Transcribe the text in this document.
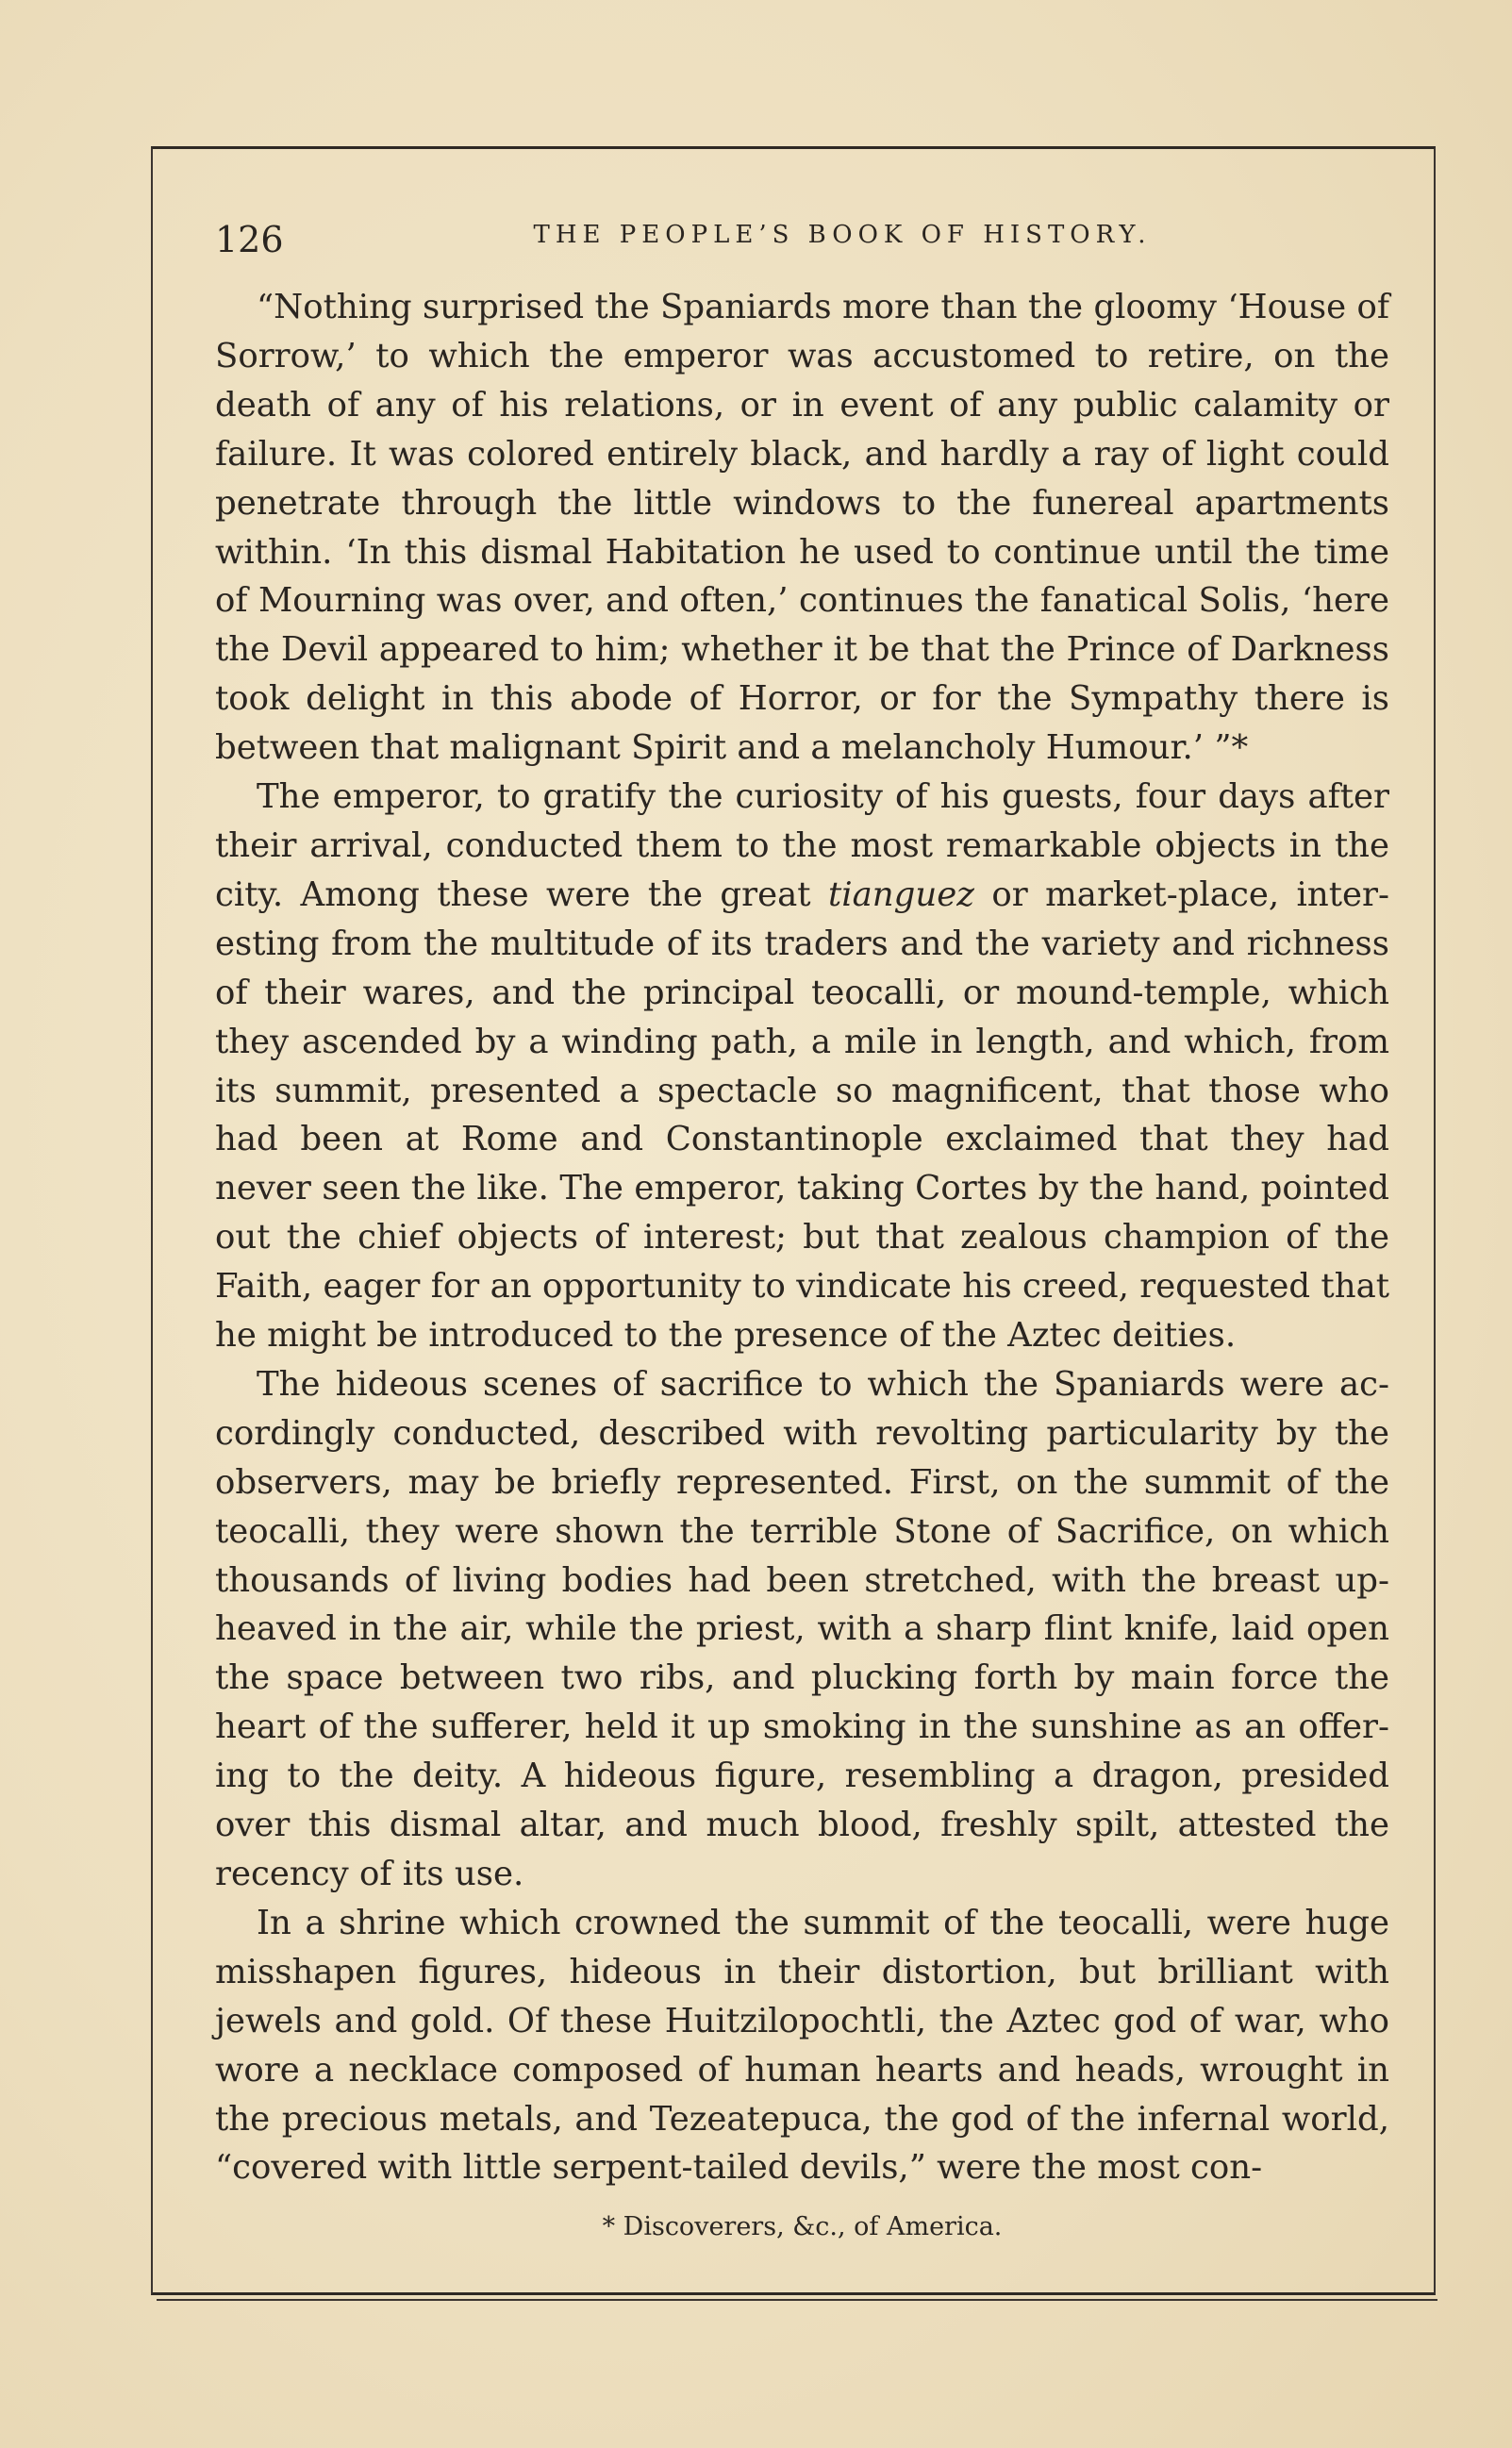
126	THE PEOPLE’S BOOK OF HISTORY.

“Nothing surprised the Spaniards more than the gloomy ‘House of Sorrow,’ to which the emperor was accustomed to retire, on the death of any of his relations, or in event of any public calamity or failure. It was colored entirely black, and hardly a ray of light could penetrate through the little windows to the funereal apartments within. ‘In this dismal Habitation he used to continue until the time of Mourning was over, and often,’ continues the fanatical Solis, ‘here the Devil appeared to him; whether it be that the Prince of Darkness took delight in this abode of Horror, or for the Sympathy there is between that malignant Spirit and a melancholy Humour.’ ”*

The emperor, to gratify the curiosity of his guests, four days after their arrival, conducted them to the most remarkable objects in the city. Among these were the great tianguez or market-place, inter-esting from the multitude of its traders and the variety and richness of their wares, and the principal teocalli, or mound-temple, which they ascended by a winding path, a mile in length, and which, from its summit, presented a spectacle so magnificent, that those who had been at Rome and Constantinople exclaimed that they had never seen the like. The emperor, taking Cortes by the hand, pointed out the chief objects of interest; but that zealous champion of the Faith, eager for an opportunity to vindicate his creed, requested that he might be introduced to the presence of the Aztec deities.

The hideous scenes of sacrifice to which the Spaniards were ac-cordingly conducted, described with revolting particularity by the observers, may be briefly represented. First, on the summit of the teocalli, they were shown the terrible Stone of Sacrifice, on which thousands of living bodies had been stretched, with the breast up-heaved in the air, while the priest, with a sharp flint knife, laid open the space between two ribs, and plucking forth by main force the heart of the sufferer, held it up smoking in the sunshine as an offer-ing to the deity. A hideous figure, resembling a dragon, presided over this dismal altar, and much blood, freshly spilt, attested the recency of its use.

In a shrine which crowned the summit of the teocalli, were huge misshapen figures, hideous in their distortion, but brilliant with jewels and gold. Of these Huitzilopochtli, the Aztec god of war, who wore a necklace composed of human hearts and heads, wrought in the precious metals, and Tezeatepuca, the god of the infernal world, “covered with little serpent-tailed devils,” were the most con-

* Discoverers, &c., of America.
